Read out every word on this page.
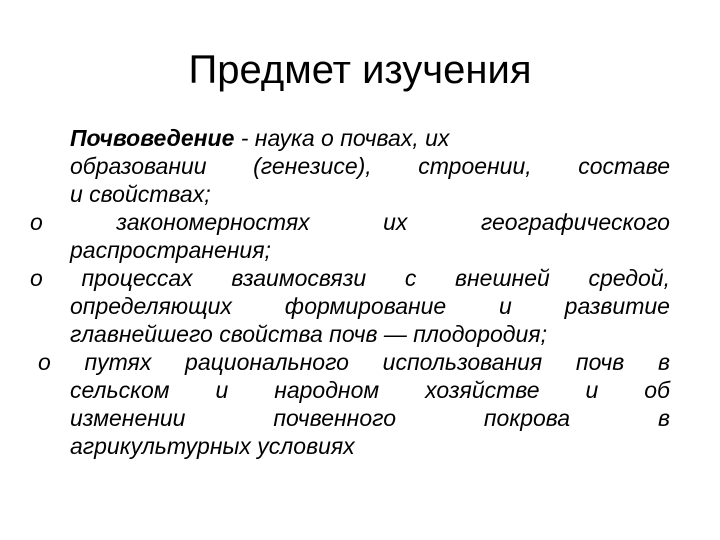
Предмет изучения
Почвоведение - наука о почвах, их
образовании (генезисе), строении, составе
и свойствах;
o	закономерностях	их	географического
распространения;
o процессах взаимосвязи с внешней средой,
определяющих формирование и развитие
главнейшего свойства почв — плодородия;
o путях рационального использования почв в
сельском и народном хозяйстве и об
изменении	почвенного	покрова	в
агрикультурных условиях
